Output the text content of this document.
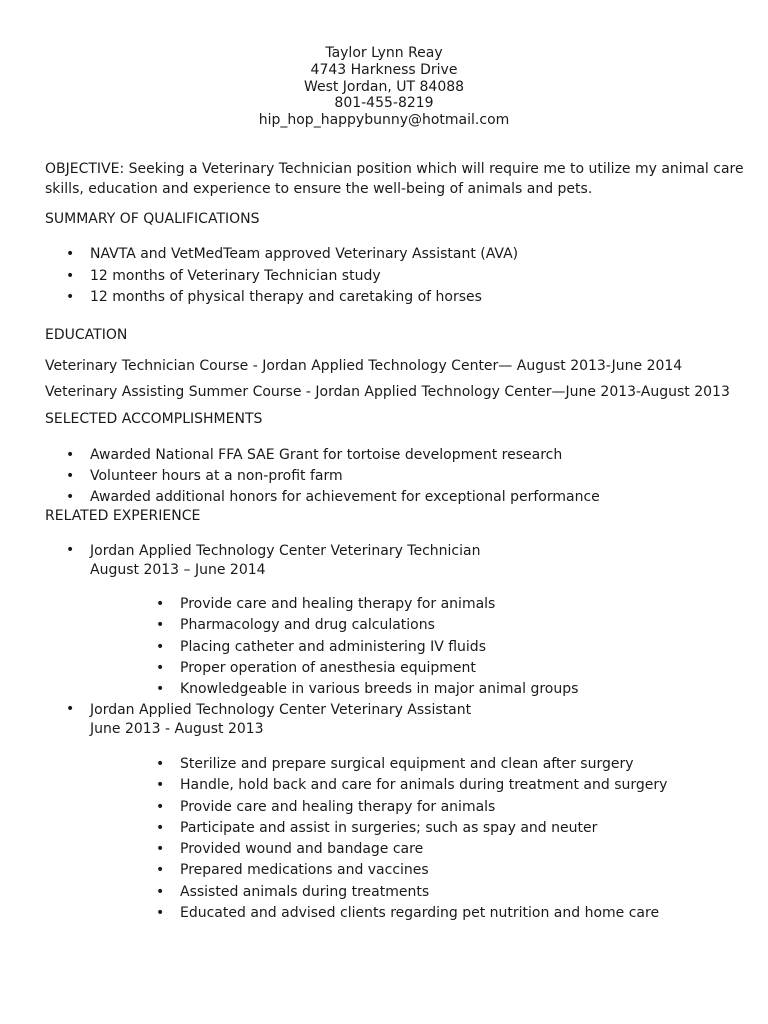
Taylor Lynn Reay
4743 Harkness Drive
West Jordan, UT 84088
801-455-8219
hip_hop_happybunny@hotmail.com
OBJECTIVE: Seeking a Veterinary Technician position which will require me to utilize my animal care skills, education and experience to ensure the well-being of animals and pets.
SUMMARY OF QUALIFICATIONS
• NAVTA and VetMedTeam approved Veterinary Assistant (AVA)
• 12 months of Veterinary Technician study
• 12 months of physical therapy and caretaking of horses
EDUCATION
Veterinary Technician Course - Jordan Applied Technology Center— August 2013-June 2014
Veterinary Assisting Summer Course - Jordan Applied Technology Center—June 2013-August 2013
SELECTED ACCOMPLISHMENTS
• Awarded National FFA SAE Grant for tortoise development research
• Volunteer hours at a non-profit farm
• Awarded additional honors for achievement for exceptional performance
RELATED EXPERIENCE
• Jordan Applied Technology Center Veterinary Technician
August 2013 – June 2014
• Provide care and healing therapy for animals
• Pharmacology and drug calculations
• Placing catheter and administering IV fluids
• Proper operation of anesthesia equipment
• Knowledgeable in various breeds in major animal groups
• Jordan Applied Technology Center Veterinary Assistant
June 2013 - August 2013
• Sterilize and prepare surgical equipment and clean after surgery
• Handle, hold back and care for animals during treatment and surgery
• Provide care and healing therapy for animals
• Participate and assist in surgeries; such as spay and neuter
• Provided wound and bandage care
• Prepared medications and vaccines
• Assisted animals during treatments
• Educated and advised clients regarding pet nutrition and home care
